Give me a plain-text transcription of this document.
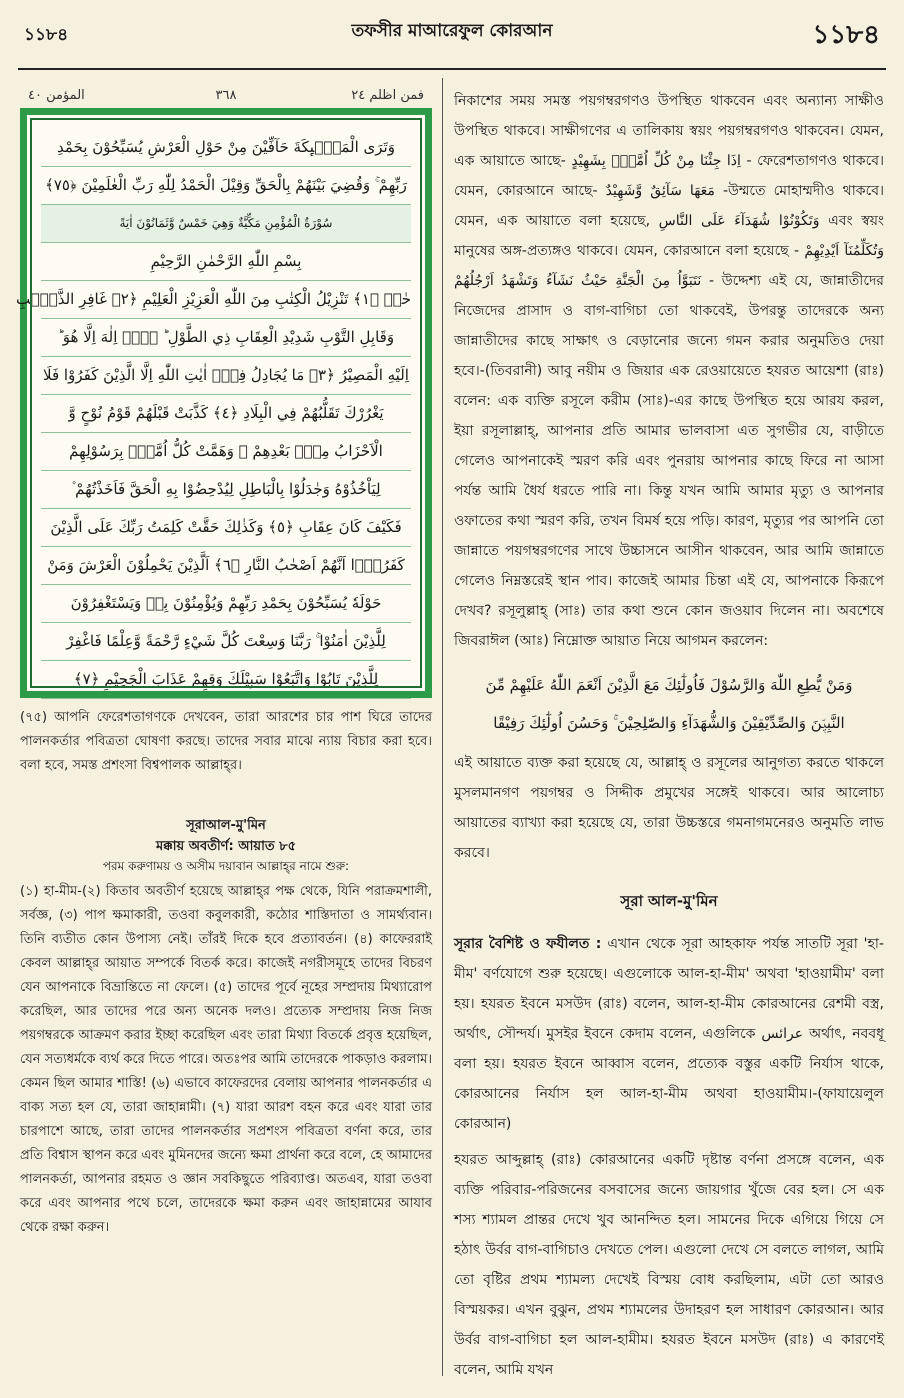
১১৮৪	তফসীর মাআরেফুল কোরআন	১১৮৪
المؤمن ٤٠	٣٦٨	فمن اظلم ٢٤
وَتَرَى الْمَلٰۤىِٕكَةَ حَآفِّيْنَ مِنْ حَوْلِ الْعَرْشِ يُسَبِّحُوْنَ بِحَمْدِ
رَبِّهِمْ ۚ وَقُضِيَ بَيْنَهُمْ بِالْحَقِّ وَقِيْلَ الْحَمْدُ لِلّٰهِ رَبِّ الْعٰلَمِيْنَ ﴿٧٥﴾
سُوْرَةُ الْمُؤْمِنِ مَكِّيَّةٌ وَهِيَ خَمْسٌ وَّثَمَانُوْنَ اٰيَةً
بِسْمِ اللّٰهِ الرَّحْمٰنِ الرَّحِيْمِ
حٰمۤ ﴿١﴾ تَنْزِيْلُ الْكِتٰبِ مِنَ اللّٰهِ الْعَزِيْزِ الْعَلِيْمِ ﴿٢﴾ غَافِرِ الذَّنْۢبِ
وَقَابِلِ التَّوْبِ شَدِيْدِ الْعِقَابِ ذِي الطَّوْلِ ؕ لَاۤ اِلٰهَ اِلَّا هُوَ ؕ
اِلَيْهِ الْمَصِيْرُ ﴿٣﴾ مَا يُجَادِلُ فِيْۤ اٰيٰتِ اللّٰهِ اِلَّا الَّذِيْنَ كَفَرُوْا فَلَا
يَغْرُرْكَ تَقَلُّبُهُمْ فِي الْبِلَادِ ﴿٤﴾ كَذَّبَتْ قَبْلَهُمْ قَوْمُ نُوْحٍ وَّ
الْاَحْزَابُ مِنْۢ بَعْدِهِمْ ۪ وَهَمَّتْ كُلُّ اُمَّةٍۭ بِرَسُوْلِهِمْ
لِيَاْخُذُوْهُ وَجٰدَلُوْا بِالْبَاطِلِ لِيُدْحِضُوْا بِهِ الْحَقَّ فَاَخَذْتُهُمْ ۫
فَكَيْفَ كَانَ عِقَابِ ﴿٥﴾ وَكَذٰلِكَ حَقَّتْ كَلِمَتُ رَبِّكَ عَلَى الَّذِيْنَ
كَفَرُوْۤا اَنَّهُمْ اَصْحٰبُ النَّارِ ﴿٦﴾ اَلَّذِيْنَ يَحْمِلُوْنَ الْعَرْشَ وَمَنْ
حَوْلَهٗ يُسَبِّحُوْنَ بِحَمْدِ رَبِّهِمْ وَيُؤْمِنُوْنَ بِهٖ وَيَسْتَغْفِرُوْنَ
لِلَّذِيْنَ اٰمَنُوْا ۚ رَبَّنَا وَسِعْتَ كُلَّ شَيْءٍ رَّحْمَةً وَّعِلْمًا فَاغْفِرْ
لِلَّذِيْنَ تَابُوْا وَاتَّبَعُوْا سَبِيْلَكَ وَقِهِمْ عَذَابَ الْجَحِيْمِ ﴿٧﴾

(৭৫) আপনি ফেরেশতাগণকে দেখবেন, তারা আরশের চার পাশ ঘিরে তাদের পালনকর্তার পবিত্রতা ঘোষণা করছে। তাদের সবার মাঝে ন্যায় বিচার করা হবে। বলা হবে, সমস্ত প্রশংসা বিশ্বপালক আল্লাহ্‌র।

সূরাআল-মু'মিন
মক্কায় অবতীর্ণ: আয়াত ৮৫
পরম করুণাময় ও অসীম দয়াবান আল্লাহ্‌র নামে শুরু:

(১) হা-মীম-(২) কিতাব অবতীর্ণ হয়েছে আল্লাহ্‌র পক্ষ থেকে, যিনি পরাক্রমশালী, সর্বজ্ঞ, (৩) পাপ ক্ষমাকারী, তওবা কবুলকারী, কঠোর শাস্তিদাতা ও সামর্থ্যবান। তিনি ব্যতীত কোন উপাস্য নেই। তাঁরই দিকে হবে প্রত্যাবর্তন। (৪) কাফেররাই কেবল আল্লাহ্‌র আয়াত সম্পর্কে বিতর্ক করে। কাজেই নগরীসমূহে তাদের বিচরণ যেন আপনাকে বিভ্রান্তিতে না ফেলে। (৫) তাদের পূর্বে নূহের সম্প্রদায় মিথ্যারোপ করেছিল, আর তাদের পরে অন্য অনেক দলও। প্রত্যেক সম্প্রদায় নিজ নিজ পয়গম্বরকে আক্রমণ করার ইচ্ছা করেছিল এবং তারা মিথ্যা বিতর্কে প্রবৃত্ত হয়েছিল, যেন সত্যধর্মকে ব্যর্থ করে দিতে পারে। অতঃপর আমি তাদেরকে পাকড়াও করলাম। কেমন ছিল আমার শাস্তি! (৬) এভাবে কাফেরদের বেলায় আপনার পালনকর্তার এ বাক্য সত্য হল যে, তারা জাহান্নামী। (৭) যারা আরশ বহন করে এবং যারা তার চারপাশে আছে, তারা তাদের পালনকর্তার সপ্রশংস পবিত্রতা বর্ণনা করে, তার প্রতি বিশ্বাস স্থাপন করে এবং মুমিনদের জন্যে ক্ষমা প্রার্থনা করে বলে, হে আমাদের পালনকর্তা, আপনার রহমত ও জ্ঞান সবকিছুতে পরিব্যাপ্ত। অতএব, যারা তওবা করে এবং আপনার পথে চলে, তাদেরকে ক্ষমা করুন এবং জাহান্নামের আযাব থেকে রক্ষা করুন।

নিকাশের সময় সমস্ত পয়গম্বরগণও উপস্থিত থাকবেন এবং অন্যান্য সাক্ষীও উপস্থিত থাকবে। সাক্ষীগণের এ তালিকায় স্বয়ং পয়গম্বরগণও থাকবেন। যেমন, এক আয়াতে আছে- اِذَا جِئْنَا مِنْ كُلِّ اُمَّةٍۭ بِشَهِيْدٍ - ফেরেশতাগণও থাকবে। যেমন, কোরআনে আছে- مَعَهَا سَآئِقٌ وَّشَهِيْدٌ -উম্মতে মোহাম্মদীও থাকবে। যেমন, এক আয়াতে বলা হয়েছে, وَتَكُوْنُوْا شُهَدَآءَ عَلَى النَّاسِ এবং স্বয়ং মানুষের অঙ্গ-প্রত্যঙ্গও থাকবে। যেমন, কোরআনে বলা হয়েছে - وَتُكَلِّمُنَآ اَيْدِيْهِمْ وَتَشْهَدُ اَرْجُلُهُمْ نَتَبَوَّاُ مِنَ الْجَنَّةِ حَيْثُ نَشَآءُ - উদ্দেশ্য এই যে, জান্নাতীদের নিজেদের প্রাসাদ ও বাগ-বাগিচা তো থাকবেই, উপরন্তু তাদেরকে অন্য জান্নাতীদের কাছে সাক্ষাৎ ও বেড়ানোর জন্যে গমন করার অনুমতিও দেয়া হবে।-(তিবরানী) আবু নয়ীম ও জিয়ার এক রেওয়ায়েতে হযরত আয়েশা (রাঃ) বলেন: এক ব্যক্তি রসূলে করীম (সাঃ)-এর কাছে উপস্থিত হয়ে আরয করল, ইয়া রসূলাল্লাহ্‌, আপনার প্রতি আমার ভালবাসা এত সুগভীর যে, বাড়ীতে গেলেও আপনাকেই স্মরণ করি এবং পুনরায় আপনার কাছে ফিরে না আসা পর্যন্ত আমি ধৈর্য ধরতে পারি না। কিন্তু যখন আমি আমার মৃত্যু ও আপনার ওফাতের কথা স্মরণ করি, তখন বিমর্ষ হয়ে পড়ি। কারণ, মৃত্যুর পর আপনি তো জান্নাতে পয়গম্বরগণের সাথে উচ্চাসনে আসীন থাকবেন, আর আমি জান্নাতে গেলেও নিম্নস্তরেই স্থান পাব। কাজেই আমার চিন্তা এই যে, আপনাকে কিরূপে দেখব? রসূলুল্লাহ্‌ (সাঃ) তার কথা শুনে কোন জওয়াব দিলেন না। অবশেষে জিবরাঈল (আঃ) নিম্নোক্ত আয়াত নিয়ে আগমন করলেন:

وَمَنْ يُّطِعِ اللّٰهَ وَالرَّسُوْلَ فَاُولٰٓئِكَ مَعَ الَّذِيْنَ اَنْعَمَ اللّٰهُ عَلَيْهِمْ مِّنَ
النَّبِيّٖنَ وَالصِّدِّيْقِيْنَ وَالشُّهَدَآءِ وَالصّٰلِحِيْنَ ۚ وَحَسُنَ اُولٰٓئِكَ رَفِيْقًا

এই আয়াতে ব্যক্ত করা হয়েছে যে, আল্লাহ্‌ ও রসূলের আনুগত্য করতে থাকলে মুসলমানগণ পয়গম্বর ও সিদ্দীক প্রমুখের সঙ্গেই থাকবে। আর আলোচ্য আয়াতের ব্যাখ্যা করা হয়েছে যে, তারা উচ্চস্তরে গমনাগমনেরও অনুমতি লাভ করবে।

সূরা আল-মু'মিন

সূরার বৈশিষ্ট ও ফযীলত : এখান থেকে সূরা আহকাফ পর্যন্ত সাতটি সূরা 'হা-মীম' বর্ণযোগে শুরু হয়েছে। এগুলোকে আল-হা-মীম' অথবা 'হাওয়ামীম' বলা হয়। হযরত ইবনে মসউদ (রাঃ) বলেন, আল-হা-মীম কোরআনের রেশমী বস্ত্র, অর্থাৎ, সৌন্দর্য। মুসইর ইবনে কেদাম বলেন, এগুলিকে عرائس অর্থাৎ, নববধূ বলা হয়। হযরত ইবনে আব্বাস বলেন, প্রত্যেক বস্তুর একটি নির্যাস থাকে, কোরআনের নির্যাস হল আল-হা-মীম অথবা হাওয়ামীম।-(ফাযায়েলুল কোরআন)

হযরত আব্দুল্লাহ্‌ (রাঃ) কোরআনের একটি দৃষ্টান্ত বর্ণনা প্রসঙ্গে বলেন, এক ব্যক্তি পরিবার-পরিজনের বসবাসের জন্যে জায়গার খুঁজে বের হল। সে এক শস্য শ্যামল প্রান্তর দেখে খুব আনন্দিত হল। সামনের দিকে এগিয়ে গিয়ে সে হঠাৎ উর্বর বাগ-বাগিচাও দেখতে পেল। এগুলো দেখে সে বলতে লাগল, আমি তো বৃষ্টির প্রথম শ্যামল্য দেখেই বিস্ময় বোধ করছিলাম, এটা তো আরও বিস্ময়কর। এখন বুঝুন, প্রথম শ্যামলের উদাহরণ হল সাধারণ কোরআন। আর উর্বর বাগ-বাগিচা হল আল-হামীম। হযরত ইবনে মসউদ (রাঃ) এ কারণেই বলেন, আমি যখন
